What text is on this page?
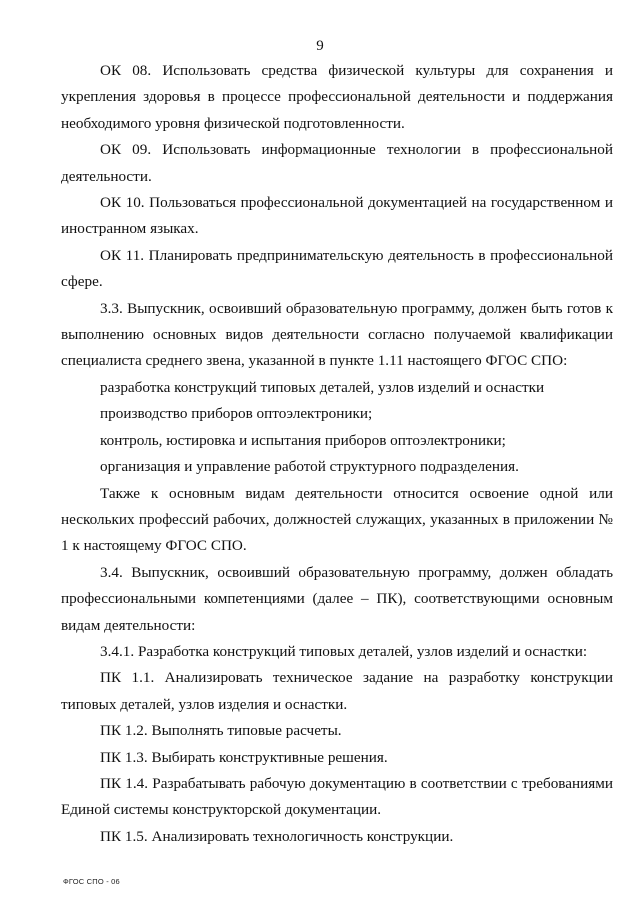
9

ОК 08. Использовать средства физической культуры для сохранения и укрепления здоровья в процессе профессиональной деятельности и поддержания необходимого уровня физической подготовленности.

ОК 09. Использовать информационные технологии в профессиональной деятельности.

ОК 10. Пользоваться профессиональной документацией на государственном и иностранном языках.

ОК 11. Планировать предпринимательскую деятельность в профессиональной сфере.

3.3. Выпускник, освоивший образовательную программу, должен быть готов к выполнению основных видов деятельности согласно получаемой квалификации специалиста среднего звена, указанной в пункте 1.11 настоящего ФГОС СПО:

разработка конструкций типовых деталей, узлов изделий и оснастки

производство приборов оптоэлектроники;

контроль, юстировка и испытания приборов оптоэлектроники;

организация и управление работой структурного подразделения.

Также к основным видам деятельности относится освоение одной или нескольких профессий рабочих, должностей служащих, указанных в приложении № 1 к настоящему ФГОС СПО.

3.4. Выпускник, освоивший образовательную программу, должен обладать профессиональными компетенциями (далее – ПК), соответствующими основным видам деятельности:

3.4.1. Разработка конструкций типовых деталей, узлов изделий и оснастки:

ПК 1.1. Анализировать техническое задание на разработку конструкции типовых деталей, узлов изделия и оснастки.

ПК 1.2. Выполнять типовые расчеты.

ПК 1.3. Выбирать конструктивные решения.

ПК 1.4. Разрабатывать рабочую документацию в соответствии с требованиями Единой системы конструкторской документации.

ПК 1.5. Анализировать технологичность конструкции.

ФГОС СПО - 06
